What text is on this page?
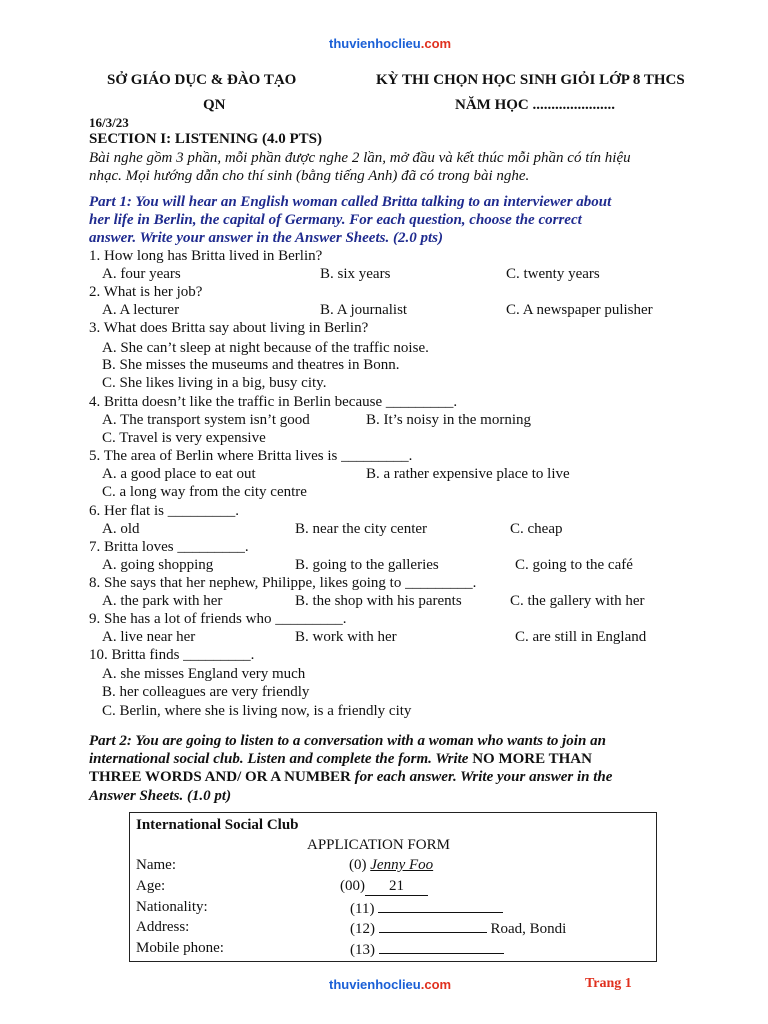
thuvienhoclieu.com
SỞ GIÁO DỤC & ĐÀO TẠO
QN
KỲ THI CHỌN HỌC SINH GIỎI LỚP 8 THCS
NĂM HỌC ......................
16/3/23
SECTION I: LISTENING (4.0 PTS)
Bài nghe gồm 3 phần, mỗi phần được nghe 2 lần, mở đầu và kết thúc mỗi phần có tín hiệu
nhạc. Mọi hướng dẫn cho thí sinh (bằng tiếng Anh) đã có trong bài nghe.
Part 1: You will hear an English woman called Britta talking to an interviewer about
her life in Berlin, the capital of Germany. For each question, choose the correct
answer. Write your answer in the Answer Sheets. (2.0 pts)
1. How long has Britta lived in Berlin?
A. four years	B. six years	C. twenty years
2. What is her job?
A. A lecturer	B. A journalist	C. A newspaper pulisher
3. What does Britta say about living in Berlin?
A. She can’t sleep at night because of the traffic noise.
B. She misses the museums and theatres in Bonn.
C. She likes living in a big, busy city.
4. Britta doesn’t like the traffic in Berlin because _________.
A. The transport system isn’t good	B. It’s noisy in the morning
C. Travel is very expensive
5. The area of Berlin where Britta lives is _________.
A. a good place to eat out	B. a rather expensive place to live
C. a long way from the city centre
6. Her flat is _________.
A. old	B. near the city center	C. cheap
7. Britta loves _________.
A. going shopping	B. going to the galleries	C. going to the café
8. She says that her nephew, Philippe, likes going to _________.
A. the park with her	B. the shop with his parents	C. the gallery with her
9. She has a lot of friends who _________.
A. live near her	B. work with her	C. are still in England
10. Britta finds _________.
A. she misses England very much
B. her colleagues are very friendly
C. Berlin, where she is living now, is a friendly city
Part 2: You are going to listen to a conversation with a woman who wants to join an
international social club. Listen and complete the form. Write NO MORE THAN
THREE WORDS AND/ OR A NUMBER for each answer. Write your answer in the
Answer Sheets. (1.0 pt)
International Social Club
APPLICATION FORM
Name:	(0) Jenny Foo
Age:	(00) 21
Nationality:	(11)
Address:	(12)	Road, Bondi
Mobile phone:	(13)
thuvienhoclieu.com	Trang 1
